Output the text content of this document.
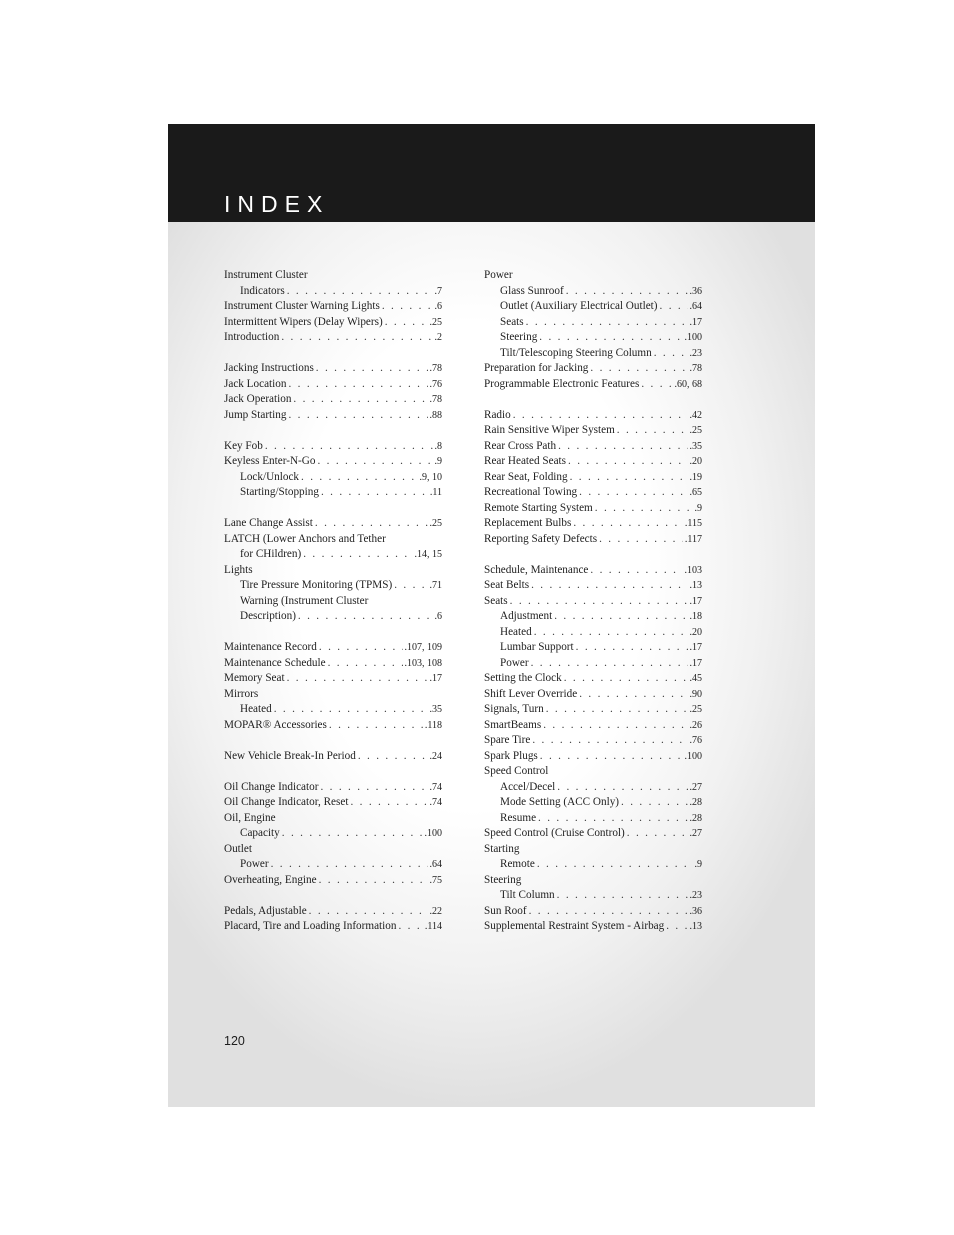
INDEX
Instrument Cluster
Indicators . . .	.7
Instrument Cluster Warning Lights . . .	.6
Intermittent Wipers (Delay Wipers) . . .	.25
Introduction . . .	.2
Jacking Instructions . . .	.78
Jack Location . . .	.76
Jack Operation . . .	.78
Jump Starting . . .	.88
Key Fob . . .	.8
Keyless Enter-N-Go . . .	.9
Lock/Unlock . . .	.9, 10
Starting/Stopping . . .	.11
Lane Change Assist . . .	.25
LATCH (Lower Anchors and Tether
for CHildren) . . .	.14, 15
Lights
Tire Pressure Monitoring (TPMS) . . .	.71
Warning (Instrument Cluster
Description) . . .	.6
Maintenance Record . . .	.107, 109
Maintenance Schedule . . .	.103, 108
Memory Seat . . .	.17
Mirrors
Heated . . .	.35
MOPAR® Accessories . . .	.118
New Vehicle Break-In Period . . .	.24
Oil Change Indicator . . .	.74
Oil Change Indicator, Reset . . .	.74
Oil, Engine
Capacity . . .	.100
Outlet
Power . . .	.64
Overheating, Engine . . .	.75
Pedals, Adjustable . . .	.22
Placard, Tire and Loading Information . . .	.114
Power
Glass Sunroof . . .	.36
Outlet (Auxiliary Electrical Outlet) . . .	.64
Seats . . .	.17
Steering . . .	.100
Tilt/Telescoping Steering Column . . .	.23
Preparation for Jacking . . .	.78
Programmable Electronic Features . . .	.60, 68
Radio . . .	.42
Rain Sensitive Wiper System . . .	.25
Rear Cross Path . . .	.35
Rear Heated Seats . . .	.20
Rear Seat, Folding . . .	.19
Recreational Towing . . .	.65
Remote Starting System . . .	.9
Replacement Bulbs . . .	.115
Reporting Safety Defects . . .	.117
Schedule, Maintenance . . .	.103
Seat Belts . . .	.13
Seats . . .	.17
Adjustment . . .	.18
Heated . . .	.20
Lumbar Support . . .	.17
Power . . .	.17
Setting the Clock . . .	.45
Shift Lever Override . . .	.90
Signals, Turn . . .	.25
SmartBeams . . .	.26
Spare Tire . . .	.76
Spark Plugs . . .	.100
Speed Control
Accel/Decel . . .	.27
Mode Setting (ACC Only) . . .	.28
Resume . . .	.28
Speed Control (Cruise Control) . . .	.27
Starting
Remote . . .	.9
Steering
Tilt Column . . .	.23
Sun Roof . . .	.36
Supplemental Restraint System - Airbag . . .	.13
120
